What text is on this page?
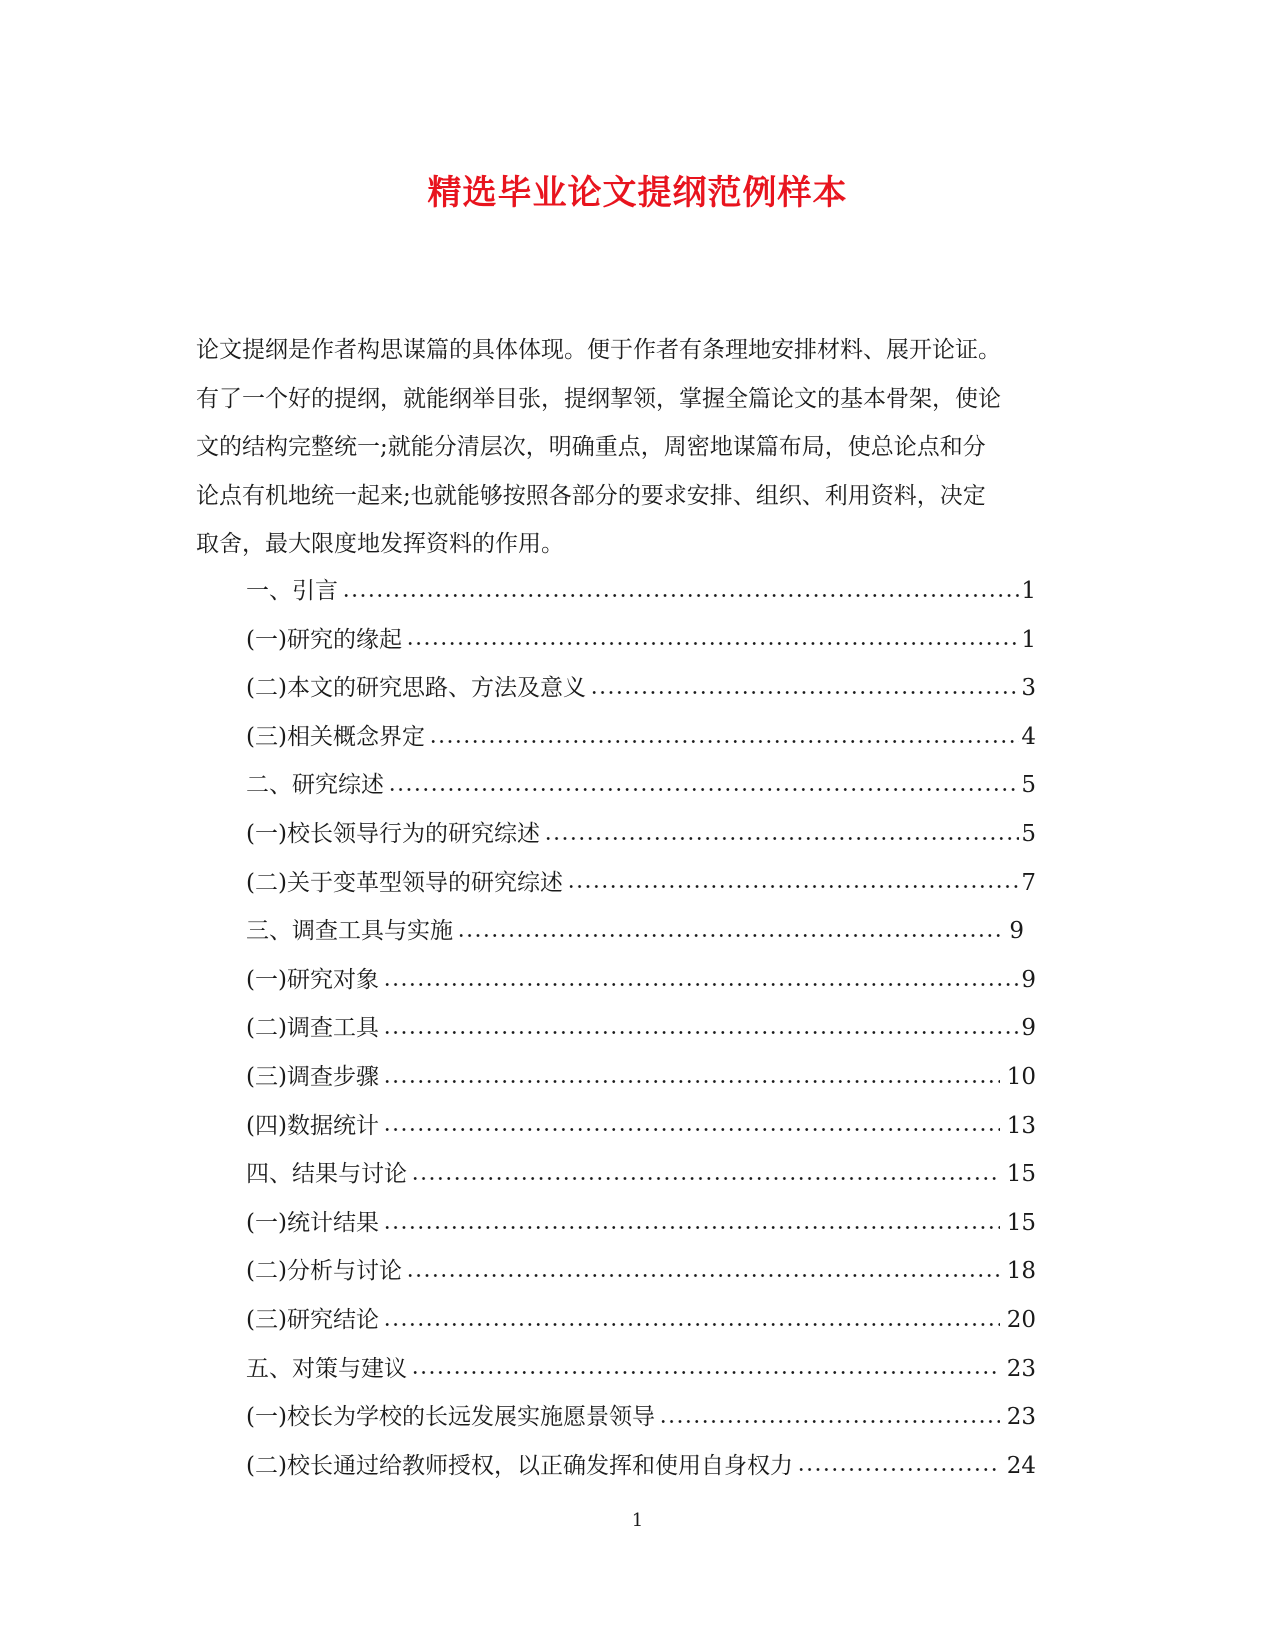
精选毕业论文提纲范例样本

论文提纲是作者构思谋篇的具体体现。便于作者有条理地安排材料、展开论证。

有了一个好的提纲，就能纲举目张，提纲挈领，掌握全篇论文的基本骨架，使论

文的结构完整统一;就能分清层次，明确重点，周密地谋篇布局，使总论点和分

论点有机地统一起来;也就能够按照各部分的要求安排、组织、利用资料，决定

取舍，最大限度地发挥资料的作用。

一、引言	1
(一)研究的缘起	1
(二)本文的研究思路、方法及意义	3
(三)相关概念界定	4
二、研究综述	5
(一)校长领导行为的研究综述	5
(二)关于变革型领导的研究综述	7
三、调查工具与实施	9
(一)研究对象	9
(二)调查工具	9
(三)调查步骤	10
(四)数据统计	13
四、结果与讨论	15
(一)统计结果	15
(二)分析与讨论	18
(三)研究结论	20
五、对策与建议	23
(一)校长为学校的长远发展实施愿景领导	23
(二)校长通过给教师授权，以正确发挥和使用自身权力	24
1
